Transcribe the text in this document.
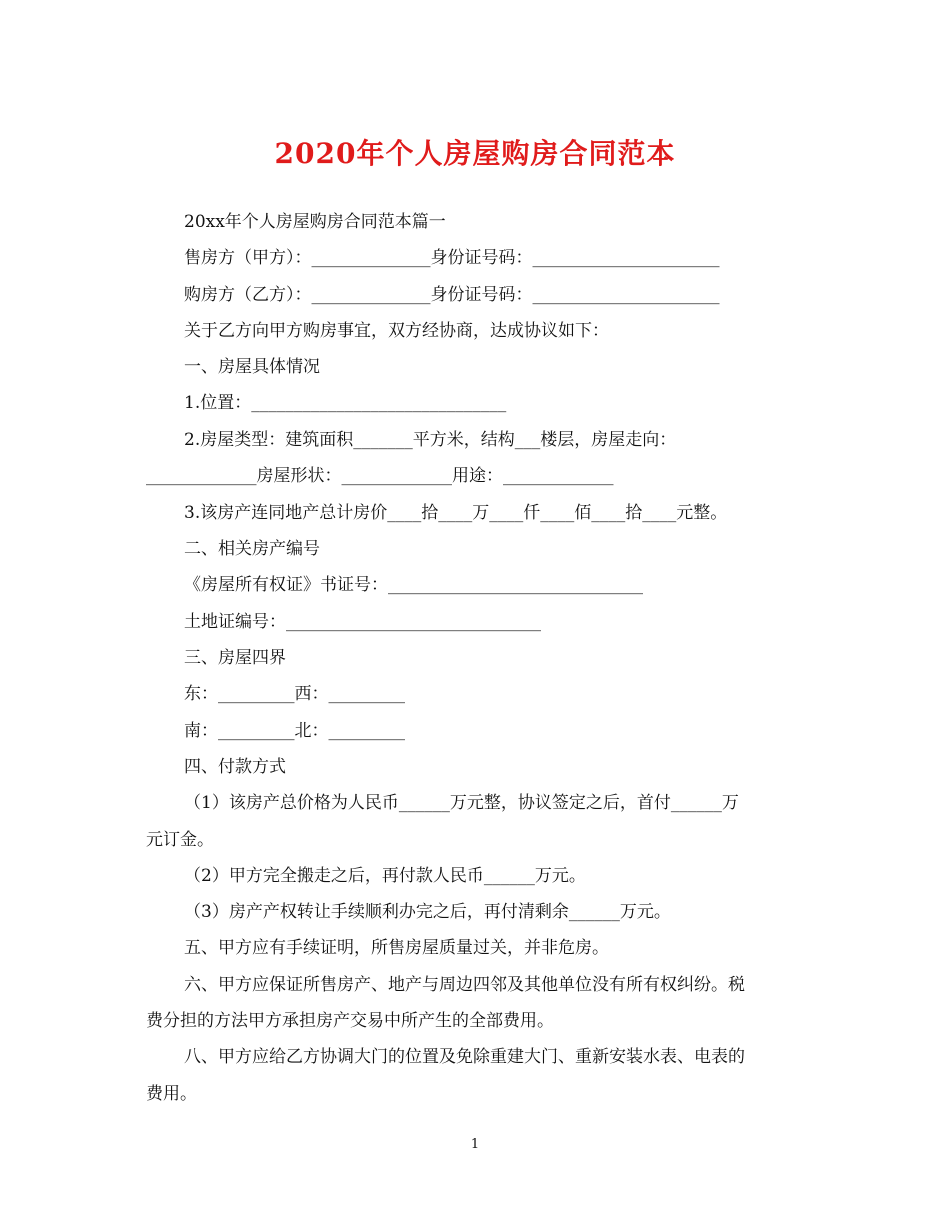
2020年个人房屋购房合同范本
20xx年个人房屋购房合同范本篇一
售房方（甲方）：______________身份证号码：______________________
购房方（乙方）：______________身份证号码：______________________
关于乙方向甲方购房事宜，双方经协商，达成协议如下：
一、房屋具体情况
1.位置：______________________________
2.房屋类型：建筑面积_______平方米，结构___楼层，房屋走向：
_____________房屋形状：_____________用途：_____________
3.该房产连同地产总计房价____拾____万____仟____佰____拾____元整。
二、相关房产编号
《房屋所有权证》书证号：______________________________
土地证编号：______________________________
三、房屋四界
东：_________西：_________
南：_________北：_________
四、付款方式
（1）该房产总价格为人民币______万元整，协议签定之后，首付______万
元订金。
（2）甲方完全搬走之后，再付款人民币______万元。
（3）房产产权转让手续顺利办完之后，再付清剩余______万元。
五、甲方应有手续证明，所售房屋质量过关，并非危房。
六、甲方应保证所售房产、地产与周边四邻及其他单位没有所有权纠纷。税
费分担的方法甲方承担房产交易中所产生的全部费用。
八、甲方应给乙方协调大门的位置及免除重建大门、重新安装水表、电表的
费用。
1
